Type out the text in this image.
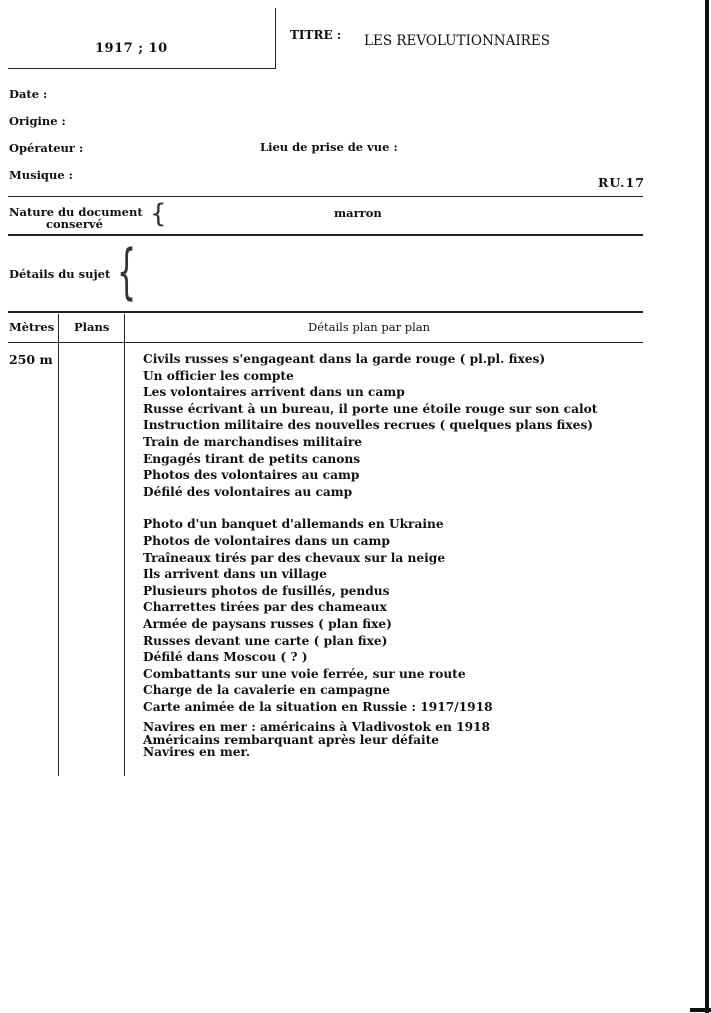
1917 ; 10
TITRE : LES REVOLUTIONNAIRES
Date :
Origine :
Opérateur :	Lieu de prise de vue :
Musique :	RU.17
Nature du document
conservé {	marron
Détails du sujet {
Mètres Plans	Détails plan par plan
250 m	Civils russes s'engageant dans la garde rouge ( pl.pl. fixes)
Un officier les compte
Les volontaires arrivent dans un camp
Russe écrivant à un bureau, il porte une étoile rouge sur son calot
Instruction militaire des nouvelles recrues ( quelques plans fixes)
Train de marchandises militaire
Engagés tirant de petits canons
Photos des volontaires au camp
Défilé des volontaires au camp
Photo d'un banquet d'allemands en Ukraine
Photos de volontaires dans un camp
Traîneaux tirés par des chevaux sur la neige
Ils arrivent dans un village
Plusieurs photos de fusillés, pendus
Charrettes tirées par des chameaux
Armée de paysans russes ( plan fixe)
Russes devant une carte ( plan fixe)
Défilé dans Moscou ( ? )
Combattants sur une voie ferrée, sur une route
Charge de la cavalerie en campagne
Carte animée de la situation en Russie : 1917/1918
Navires en mer : américains à Vladivostok en 1918
Américains rembarquant après leur défaite
Navires en mer.
